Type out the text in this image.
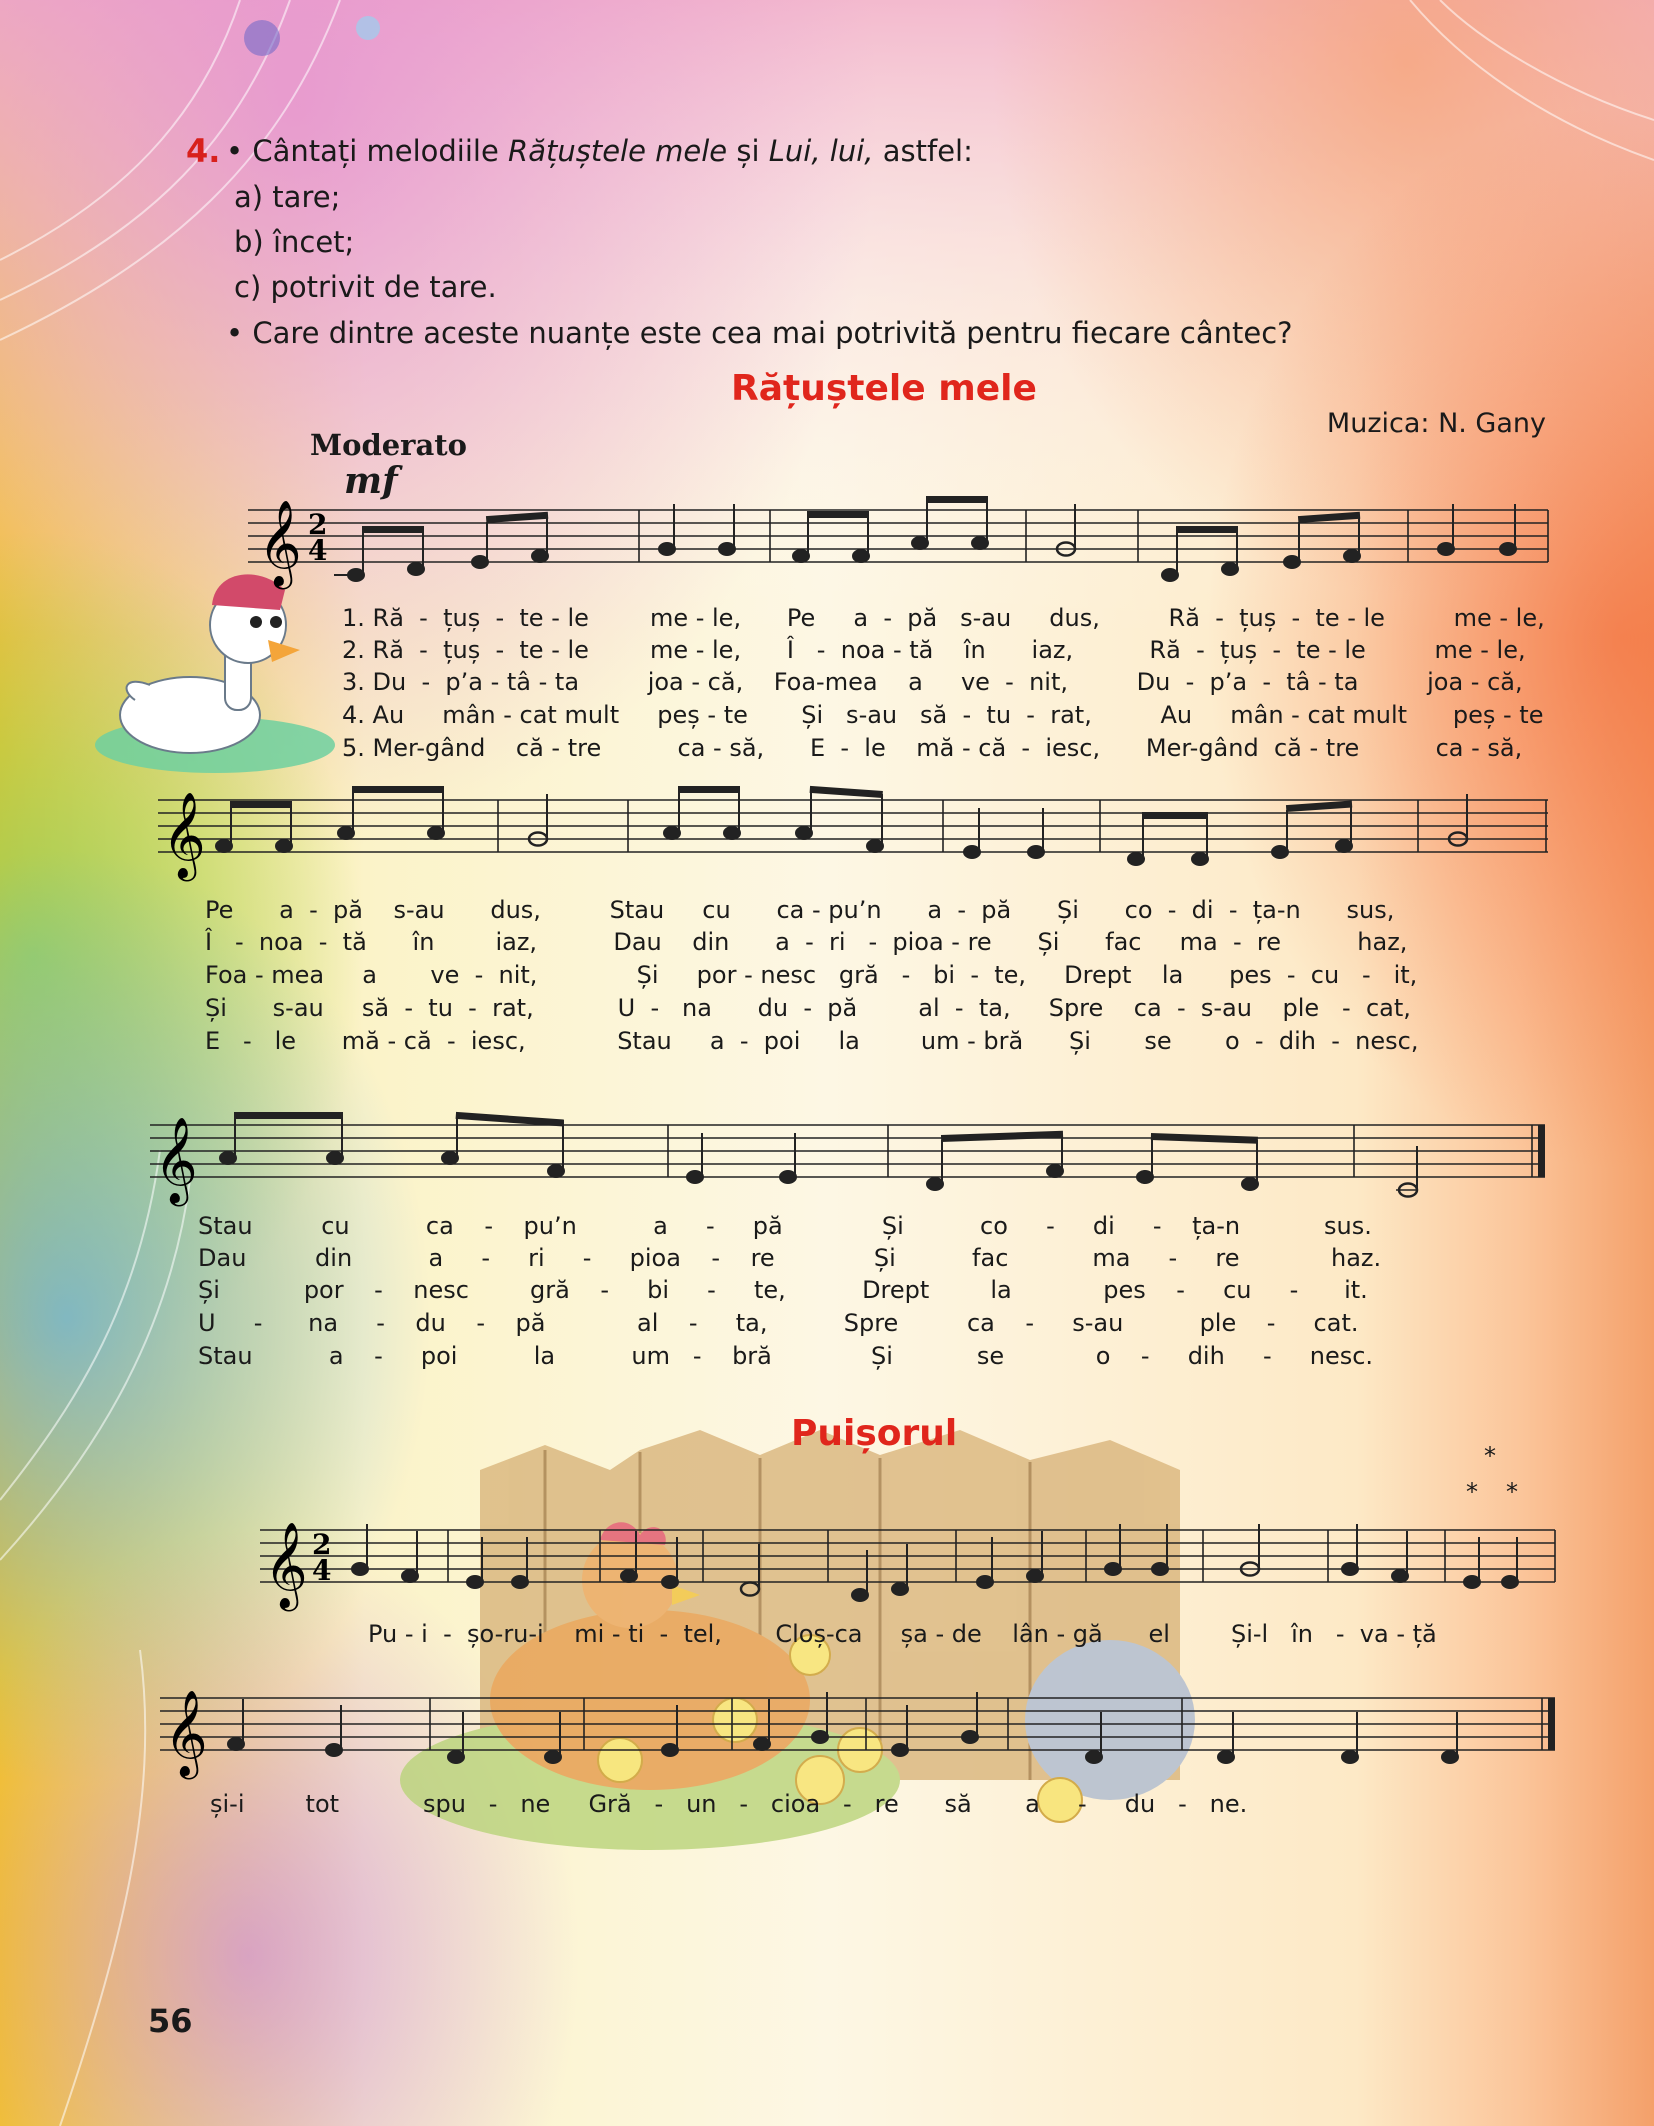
4. • Cântați melodiile Rățuștele mele și Lui, lui, astfel:
a) tare;
b) încet;
c) potrivit de tare.
• Care dintre aceste nuanțe este cea mai potrivită pentru fiecare cântec?
Rățuștele mele
Muzica: N. Gany
Moderato
mf
𝄞 2
4
1. Ră  -  țuș  -  te - le        me - le,      Pe     a  -  pă   s-au     dus,         Ră  -  țuș  -  te - le         me - le,
2. Ră  -  țuș  -  te - le        me - le,      Î   -  noa - tă    în      iaz,          Ră  -  țuș  -  te - le         me - le,
3. Du  -  p’a - tâ - ta         joa - că,    Foa-mea    a     ve  -  nit,         Du  -  p’a  -  tâ - ta         joa - că,
4. Au     mân - cat mult     peș - te       Și   s-au   să  -  tu  -  rat,         Au     mân - cat mult      peș - te
5. Mer-gând    că - tre          ca - să,      E  -  le    mă - că  -  iesc,      Mer-gând  că - tre          ca - să,
𝄞
Pe      a  -  pă    s-au      dus,         Stau     cu      ca - pu’n      a  -  pă      Și      co  -  di  -  ța-n      sus,
Î   -  noa  -  tă      în        iaz,          Dau    din      a  -  ri   -  pioa - re      Și      fac     ma  -  re          haz,
Foa - mea     a       ve  -  nit,             Și     por - nesc   gră   -   bi  -  te,     Drept    la      pes  -  cu   -   it,
Și      s-au     să  -  tu  -  rat,           U  -   na      du  -  pă        al  -  ta,     Spre    ca  -  s-au    ple   -  cat,
E   -   le      mă - că  -  iesc,            Stau     a  -  poi     la        um - bră      Și       se       o  -  dih  -  nesc,
𝄞
Stau         cu          ca    -    pu’n          a     -     pă             Și          co     -     di     -    ța-n           sus.
Dau         din          a     -     ri     -     pioa    -    re             Și          fac           ma     -     re            haz.
Și           por    -    nesc        gră    -     bi     -     te,          Drept        la            pes    -     cu     -      it.
U     -      na     -    du    -    pă            al    -     ta,          Spre         ca    -     s-au          ple    -     cat.
Stau          a    -     poi          la          um   -    bră             Și           se            o    -     dih     -     nesc.
Puișorul
*
* *
𝄞 2
4
Pu - i  -  șo-ru-i    mi - ti  -  tel,       Cloș-ca     șa - de    lân - gă      el        Și-l   în   -  va - ță
𝄞
și-i        tot           spu   -   ne     Gră   -   un   -   cioa   -   re      să       a     -     du   -   ne.
56
